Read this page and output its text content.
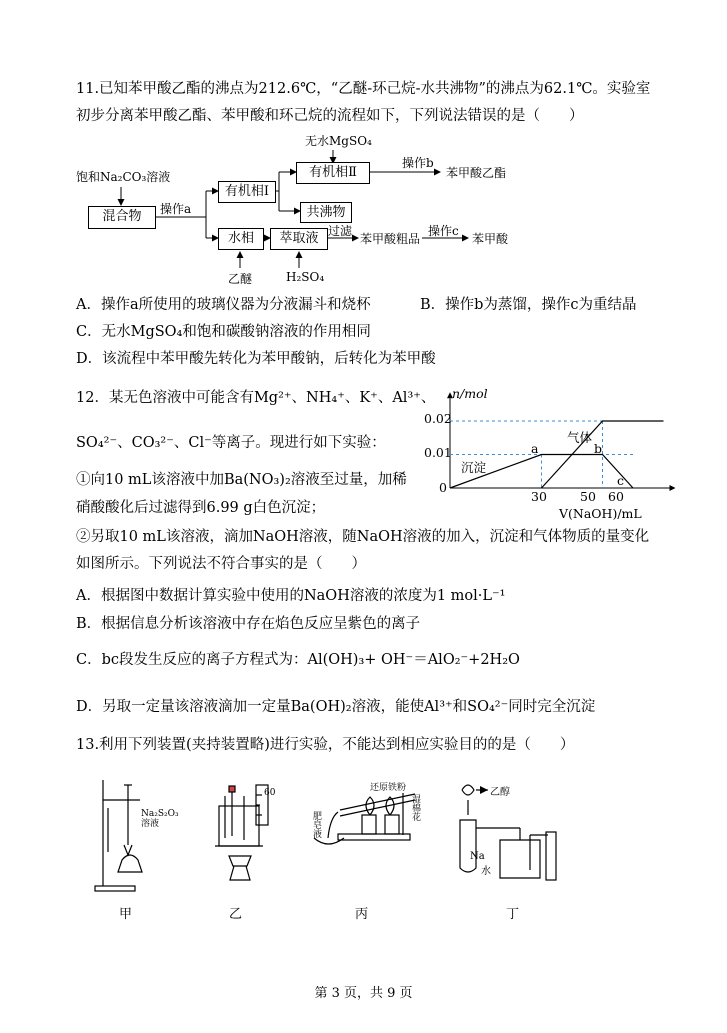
11.已知苯甲酸乙酯的沸点为212.6℃，“乙醚-环己烷-水共沸物”的沸点为62.1℃。实验室
初步分离苯甲酸乙酯、苯甲酸和环己烷的流程如下，下列说法错误的是（　　）
无水MgSO₄
饱和Na₂CO₃溶液
混合物	操作a
有机相Ⅰ
有机相Ⅱ
操作b
苯甲酸乙酯
共沸物
水相	萃取液 过滤
苯甲酸粗品
操作c
苯甲酸
乙醚	H₂SO₄
A．操作a所使用的玻璃仪器为分液漏斗和烧杯	B．操作b为蒸馏，操作c为重结晶
C．无水MgSO₄和饱和碳酸钠溶液的作用相同
D．该流程中苯甲酸先转化为苯甲酸钠，后转化为苯甲酸
12．某无色溶液中可能含有Mg²⁺、NH₄⁺、K⁺、Al³⁺、
SO₄²⁻、CO₃²⁻、Cl⁻等离子。现进行如下实验：
①向10 mL该溶液中加Ba(NO₃)₂溶液至过量，加稀
硝酸酸化后过滤得到6.99 g白色沉淀；
②另取10 mL该溶液，滴加NaOH溶液，随NaOH溶液的加入，沉淀和气体物质的量变化
如图所示。下列说法不符合事实的是（　　）
n/mol
V(NaOH)/mL
0.02
0.01
0
30	50 60
气体
沉淀
a	b
c
A．根据图中数据计算实验中使用的NaOH溶液的浓度为1 mol·L⁻¹
B．根据信息分析该溶液中存在焰色反应呈紫色的离子
C．bc段发生反应的离子方程式为：Al(OH)₃+ OH⁻＝AlO₂⁻+2H₂O
D．另取一定量该溶液滴加一定量Ba(OH)₂溶液，能使Al³⁺和SO₄²⁻同时完全沉淀
13.利用下列装置(夹持装置略)进行实验，不能达到相应实验目的的是（　　）
Na₂S₂O₃
溶液
60	还原铁粉
湿
棉
花
肥
皂
液
乙醇
Na
水
甲	乙	丙	丁
第 3 页，共 9 页
